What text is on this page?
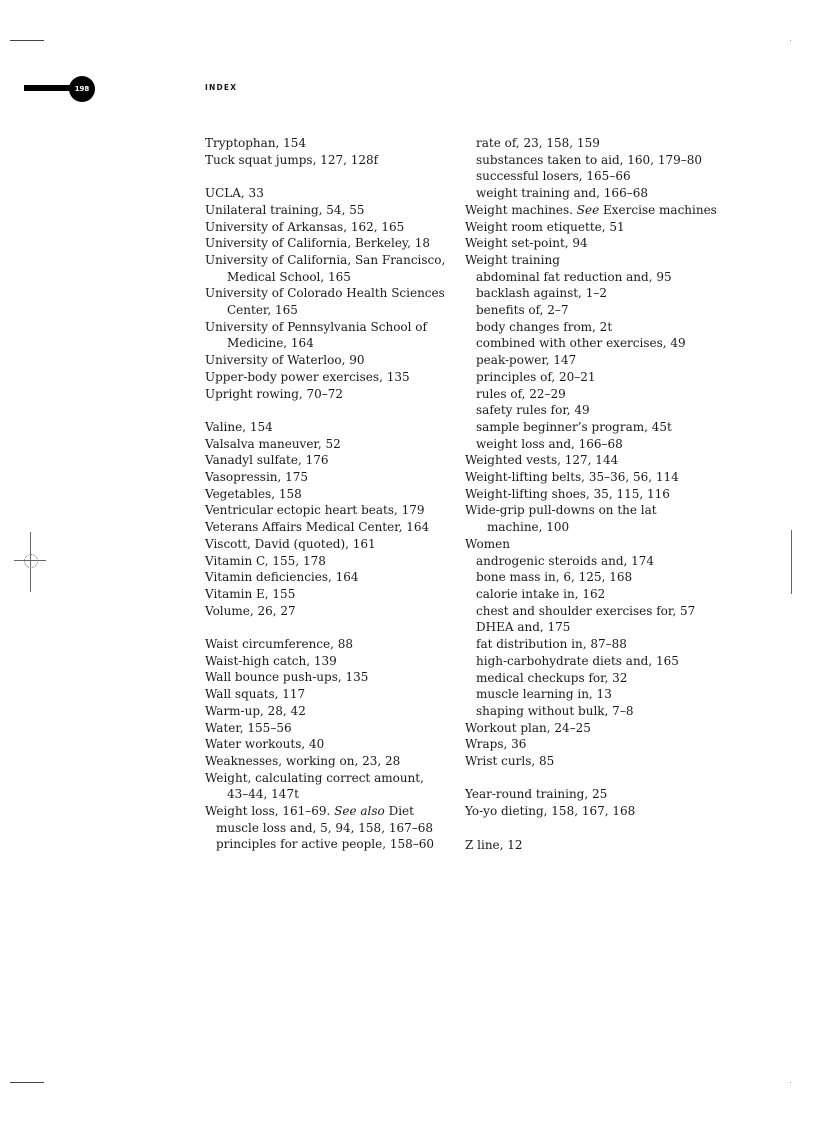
198	INDEX
Tryptophan, 154
Tuck squat jumps, 127, 128f
UCLA, 33
Unilateral training, 54, 55
University of Arkansas, 162, 165
University of California, Berkeley, 18
University of California, San Francisco,
Medical School, 165
University of Colorado Health Sciences
Center, 165
University of Pennsylvania School of
Medicine, 164
University of Waterloo, 90
Upper-body power exercises, 135
Upright rowing, 70–72
Valine, 154
Valsalva maneuver, 52
Vanadyl sulfate, 176
Vasopressin, 175
Vegetables, 158
Ventricular ectopic heart beats, 179
Veterans Affairs Medical Center, 164
Viscott, David (quoted), 161
Vitamin C, 155, 178
Vitamin deficiencies, 164
Vitamin E, 155
Volume, 26, 27
Waist circumference, 88
Waist-high catch, 139
Wall bounce push-ups, 135
Wall squats, 117
Warm-up, 28, 42
Water, 155–56
Water workouts, 40
Weaknesses, working on, 23, 28
Weight, calculating correct amount,
43–44, 147t
Weight loss, 161–69. See also Diet
muscle loss and, 5, 94, 158, 167–68
principles for active people, 158–60
rate of, 23, 158, 159
substances taken to aid, 160, 179–80
successful losers, 165–66
weight training and, 166–68
Weight machines. See Exercise machines
Weight room etiquette, 51
Weight set-point, 94
Weight training
abdominal fat reduction and, 95
backlash against, 1–2
benefits of, 2–7
body changes from, 2t
combined with other exercises, 49
peak-power, 147
principles of, 20–21
rules of, 22–29
safety rules for, 49
sample beginner’s program, 45t
weight loss and, 166–68
Weighted vests, 127, 144
Weight-lifting belts, 35–36, 56, 114
Weight-lifting shoes, 35, 115, 116
Wide-grip pull-downs on the lat
machine, 100
Women
androgenic steroids and, 174
bone mass in, 6, 125, 168
calorie intake in, 162
chest and shoulder exercises for, 57
DHEA and, 175
fat distribution in, 87–88
high-carbohydrate diets and, 165
medical checkups for, 32
muscle learning in, 13
shaping without bulk, 7–8
Workout plan, 24–25
Wraps, 36
Wrist curls, 85
Year-round training, 25
Yo-yo dieting, 158, 167, 168
Z line, 12
